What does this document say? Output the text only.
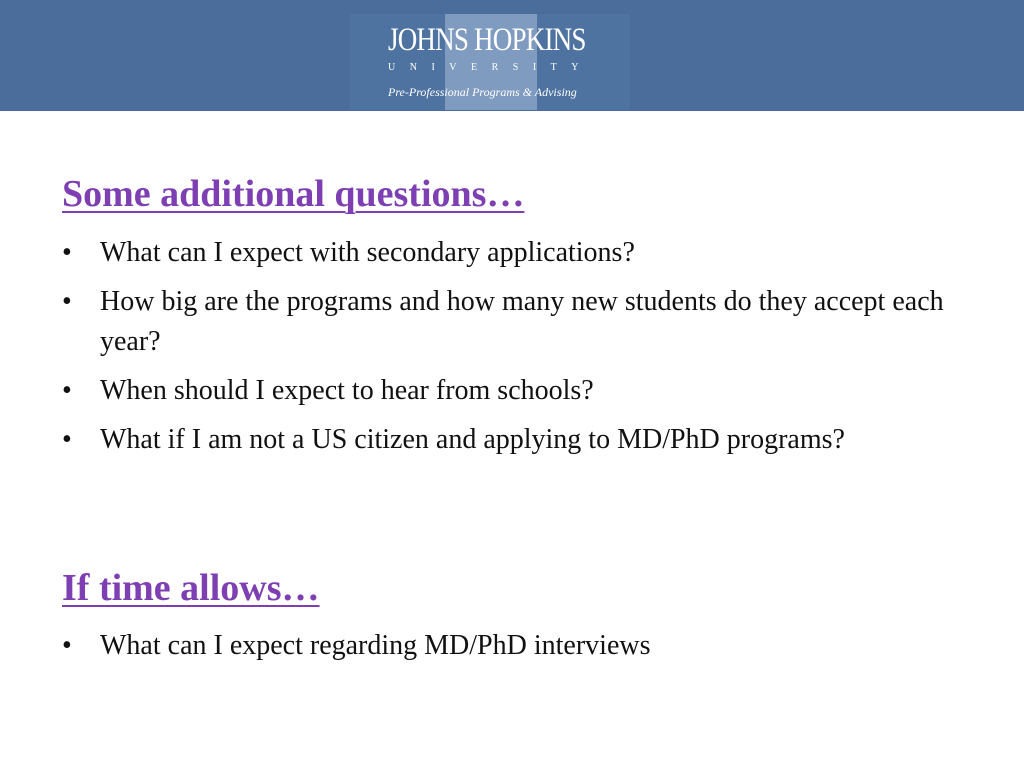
JOHNS HOPKINS
UNIVERSITY
Pre-Professional Programs & Advising
Some additional questions…
•	What can I expect with secondary applications?
•	How big are the programs and how many new students do they accept each year?
•	When should I expect to hear from schools?
•	What if I am not a US citizen and applying to MD/PhD programs?
If time allows…
•	What can I expect regarding MD/PhD interviews
